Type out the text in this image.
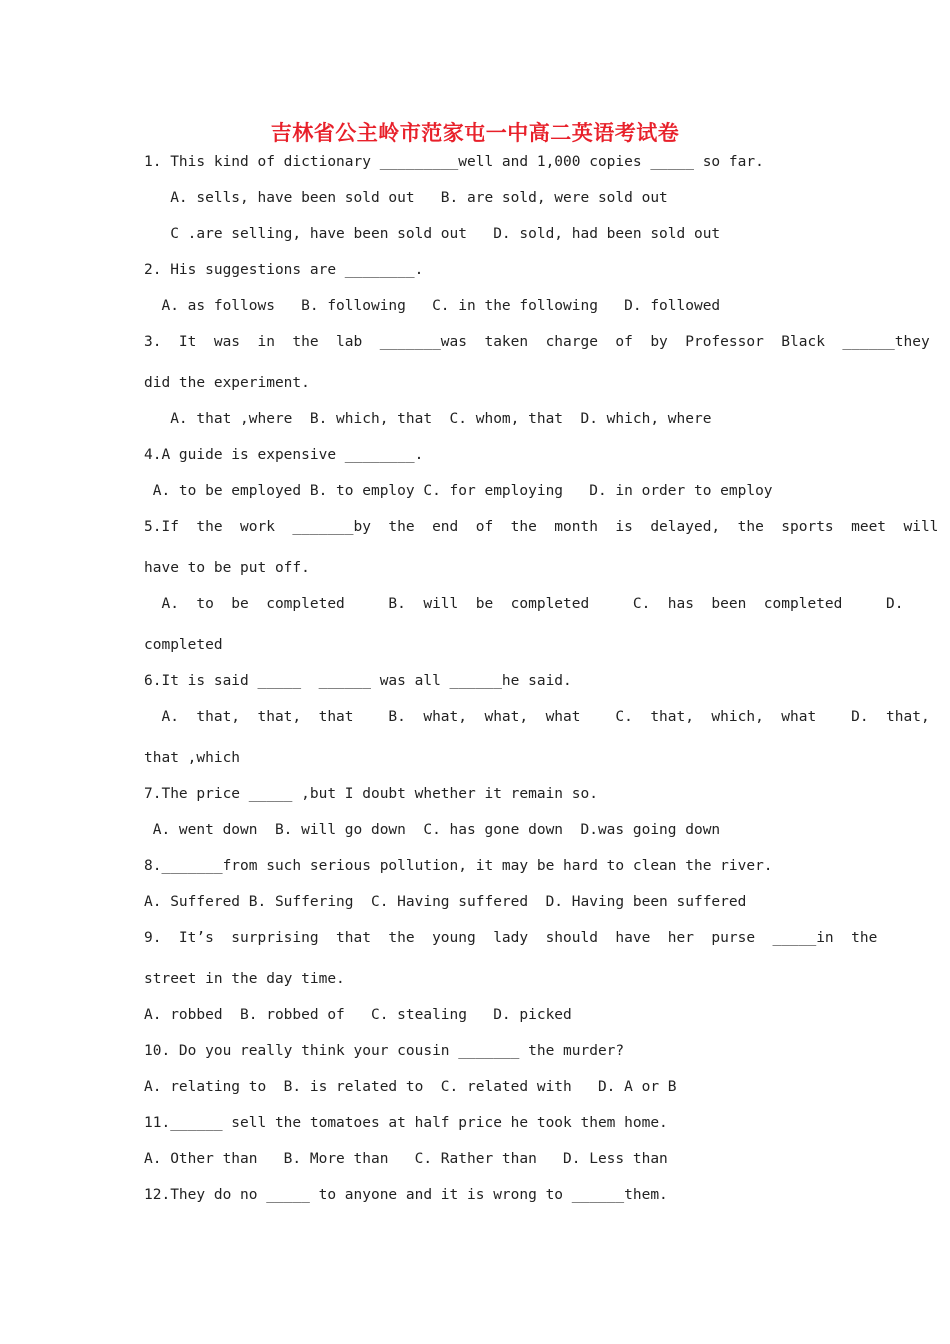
吉林省公主岭市范家屯一中高二英语考试卷
1. This kind of dictionary _________well and 1,000 copies _____ so far.
A. sells, have been sold out   B. are sold, were sold out
C .are selling, have been sold out   D. sold, had been sold out
2. His suggestions are ________.
A. as follows   B. following   C. in the following   D. followed
3.  It  was  in  the  lab  _______was  taken  charge  of  by  Professor  Black  ______they
did the experiment.
A. that ,where  B. which, that  C. whom, that  D. which, where
4.A guide is expensive ________.
A. to be employed B. to employ C. for employing   D. in order to employ
5.If  the  work  _______by  the  end  of  the  month  is  delayed,  the  sports  meet  will
have to be put off.
A.  to  be  completed     B.  will  be  completed     C.  has  been  completed     D.
completed
6.It is said _____  ______ was all ______he said.
A.  that,  that,  that    B.  what,  what,  what    C.  that,  which,  what    D.  that,
that ,which
7.The price _____ ,but I doubt whether it remain so.
A. went down  B. will go down  C. has gone down  D.was going down
8._______from such serious pollution, it may be hard to clean the river.
A. Suffered B. Suffering  C. Having suffered  D. Having been suffered
9.  It’s  surprising  that  the  young  lady  should  have  her  purse  _____in  the
street in the day time.
A. robbed  B. robbed of   C. stealing   D. picked
10. Do you really think your cousin _______ the murder?
A. relating to  B. is related to  C. related with   D. A or B
11.______ sell the tomatoes at half price he took them home.
A. Other than   B. More than   C. Rather than   D. Less than
12.They do no _____ to anyone and it is wrong to ______them.
